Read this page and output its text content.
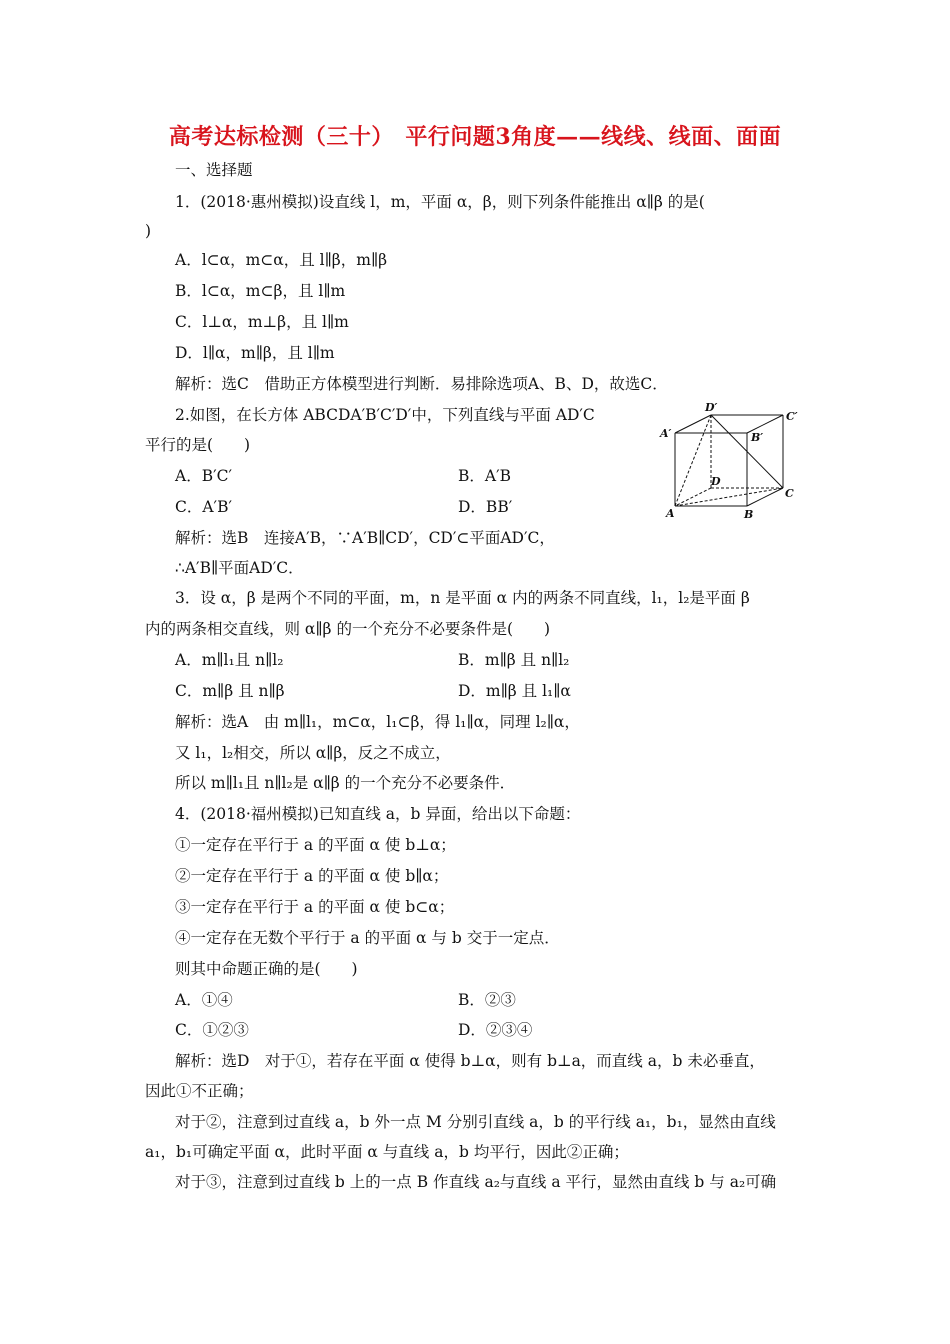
高考达标检测（三十）　平行问题3角度——线线、线面、面面
一、选择题
1．(2018·惠州模拟)设直线 l，m，平面 α，β，则下列条件能推出 α∥β 的是(
)
A．l⊂α，m⊂α，且 l∥β，m∥β
B．l⊂α，m⊂β，且 l∥m
C．l⊥α，m⊥β，且 l∥m
D．l∥α，m∥β，且 l∥m
解析：选C　借助正方体模型进行判断．易排除选项A、B、D，故选C．
2.如图，在长方体 ABCDA′B′C′D′中，下列直线与平面 AD′C
平行的是(　　)
A．B′C′	B．A′B
C．A′B′	D．BB′
解析：选B　连接A′B，∵A′B∥CD′，CD′⊂平面AD′C，
∴A′B∥平面AD′C．
D′
C′
A′	B′
D
C
A	B
3．设 α，β 是两个不同的平面，m，n 是平面 α 内的两条不同直线，l₁，l₂是平面 β
内的两条相交直线，则 α∥β 的一个充分不必要条件是(　　)
A．m∥l₁且 n∥l₂	B．m∥β 且 n∥l₂
C．m∥β 且 n∥β	D．m∥β 且 l₁∥α
解析：选A　由 m∥l₁，m⊂α，l₁⊂β，得 l₁∥α，同理 l₂∥α，
又 l₁，l₂相交，所以 α∥β，反之不成立，
所以 m∥l₁且 n∥l₂是 α∥β 的一个充分不必要条件．
4．(2018·福州模拟)已知直线 a，b 异面，给出以下命题：
①一定存在平行于 a 的平面 α 使 b⊥α；
②一定存在平行于 a 的平面 α 使 b∥α；
③一定存在平行于 a 的平面 α 使 b⊂α；
④一定存在无数个平行于 a 的平面 α 与 b 交于一定点．
则其中命题正确的是(　　)
A．①④	B．②③
C．①②③	D．②③④
解析：选D　对于①，若存在平面 α 使得 b⊥α，则有 b⊥a，而直线 a，b 未必垂直，
因此①不正确；
对于②，注意到过直线 a，b 外一点 M 分别引直线 a，b 的平行线 a₁，b₁，显然由直线
a₁，b₁可确定平面 α，此时平面 α 与直线 a，b 均平行，因此②正确；
对于③，注意到过直线 b 上的一点 B 作直线 a₂与直线 a 平行，显然由直线 b 与 a₂可确
